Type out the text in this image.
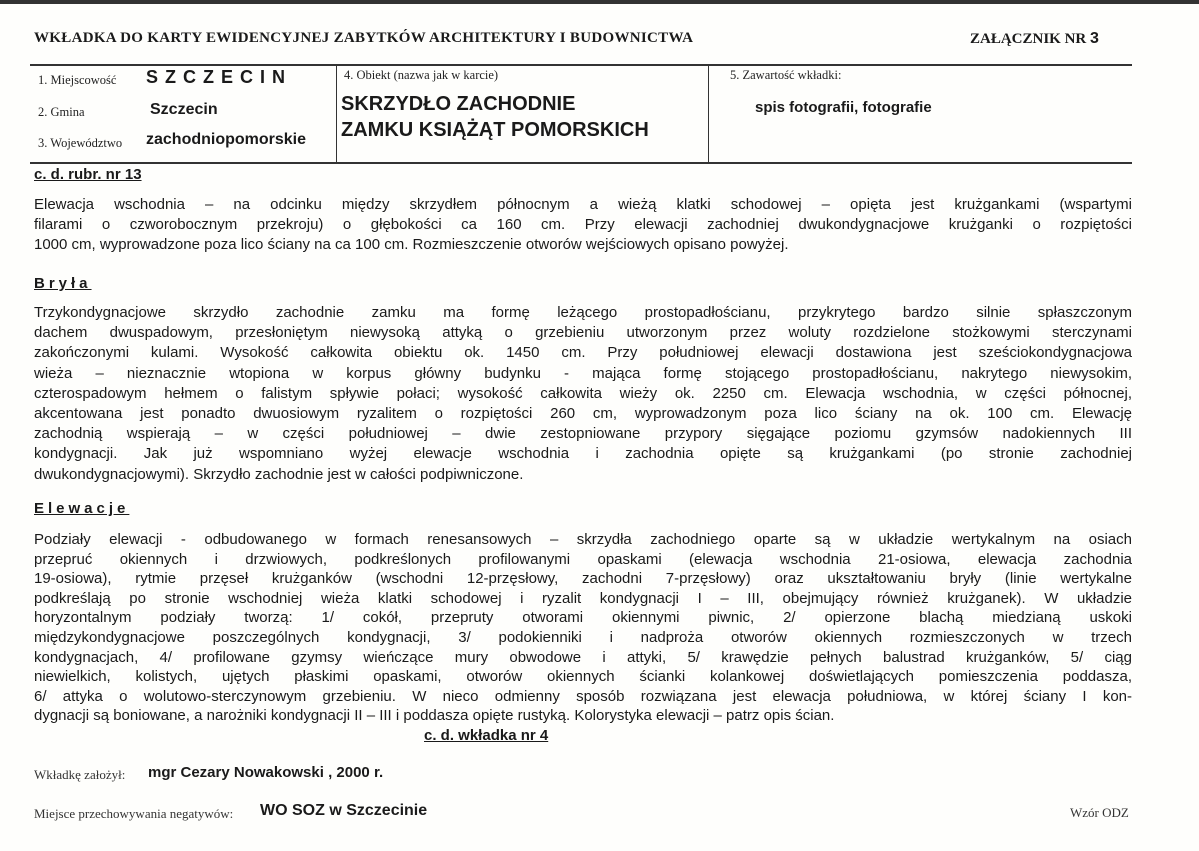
WKŁADKA DO KARTY EWIDENCYJNEJ ZABYTKÓW ARCHITEKTURY I BUDOWNICTWA	ZAŁĄCZNIK NR 3
1. Miejscowość S Z C Z E C I N
2. Gmina	Szczecin
3. Województwo zachodniopomorskie
4. Obiekt (nazwa jak w karcie)
SKRZYDŁO ZACHODNIE
ZAMKU KSIĄŻĄT POMORSKICH
5. Zawartość wkładki:
spis fotografii, fotografie
c. d. rubr. nr 13
Elewacja wschodnia – na odcinku między skrzydłem północnym a wieżą klatki schodowej – opięta jest krużgankami (wspartymi
filarami o czworobocznym przekroju) o głębokości ca 160 cm. Przy elewacji zachodniej dwukondygnacjowe krużganki o rozpiętości
1000 cm, wyprowadzone poza lico ściany na ca 100 cm. Rozmieszczenie otworów wejściowych opisano powyżej.
Bryła
Trzykondygnacjowe skrzydło zachodnie zamku ma formę leżącego prostopadłościanu, przykrytego bardzo silnie spłaszczonym
dachem dwuspadowym, przesłoniętym niewysoką attyką o grzebieniu utworzonym przez woluty rozdzielone stożkowymi sterczynami
zakończonymi kulami. Wysokość całkowita obiektu ok. 1450 cm. Przy południowej elewacji dostawiona jest sześciokondygnacjowa
wieża – nieznacznie wtopiona w korpus główny budynku - mająca formę stojącego prostopadłościanu, nakrytego niewysokim,
czterospadowym hełmem o falistym spływie połaci; wysokość całkowita wieży ok. 2250 cm. Elewacja wschodnia, w części północnej,
akcentowana jest ponadto dwuosiowym ryzalitem o rozpiętości 260 cm, wyprowadzonym poza lico ściany na ok. 100 cm. Elewację
zachodnią wspierają – w części południowej – dwie zestopniowane przypory sięgające poziomu gzymsów nadokiennych III
kondygnacji. Jak już wspomniano wyżej elewacje wschodnia i zachodnia opięte są krużgankami (po stronie zachodniej
dwukondygnacjowymi). Skrzydło zachodnie jest w całości podpiwniczone.
Elewacje
Podziały elewacji - odbudowanego w formach renesansowych – skrzydła zachodniego oparte są w układzie wertykalnym na osiach
przepruć okiennych i drzwiowych, podkreślonych profilowanymi opaskami (elewacja wschodnia 21-osiowa, elewacja zachodnia
19-osiowa), rytmie przęseł krużganków (wschodni 12-przęsłowy, zachodni 7-przęsłowy) oraz ukształtowaniu bryły (linie wertykalne
podkreślają po stronie wschodniej wieża klatki schodowej i ryzalit kondygnacji I – III, obejmujący również krużganek). W układzie
horyzontalnym podziały tworzą: 1/ cokół, przepruty otworami okiennymi piwnic, 2/ opierzone blachą miedzianą uskoki
międzykondygnacjowe poszczególnych kondygnacji, 3/ podokienniki i nadproża otworów okiennych rozmieszczonych w trzech
kondygnacjach, 4/ profilowane gzymsy wieńczące mury obwodowe i attyki, 5/ krawędzie pełnych balustrad krużganków, 5/ ciąg
niewielkich, kolistych, ujętych płaskimi opaskami, otworów okiennych ścianki kolankowej doświetlających pomieszczenia poddasza,
6/ attyka o wolutowo-sterczynowym grzebieniu. W nieco odmienny sposób rozwiązana jest elewacja południowa, w której ściany I kon-
dygnacji są boniowane, a narożniki kondygnacji II – III i poddasza opięte rustyką. Kolorystyka elewacji – patrz opis ścian.
c. d. wkładka nr 4
Wkładkę założył: mgr Cezary Nowakowski , 2000 r.
Miejsce przechowywania negatywów: WO SOZ w Szczecinie	Wzór ODZ
